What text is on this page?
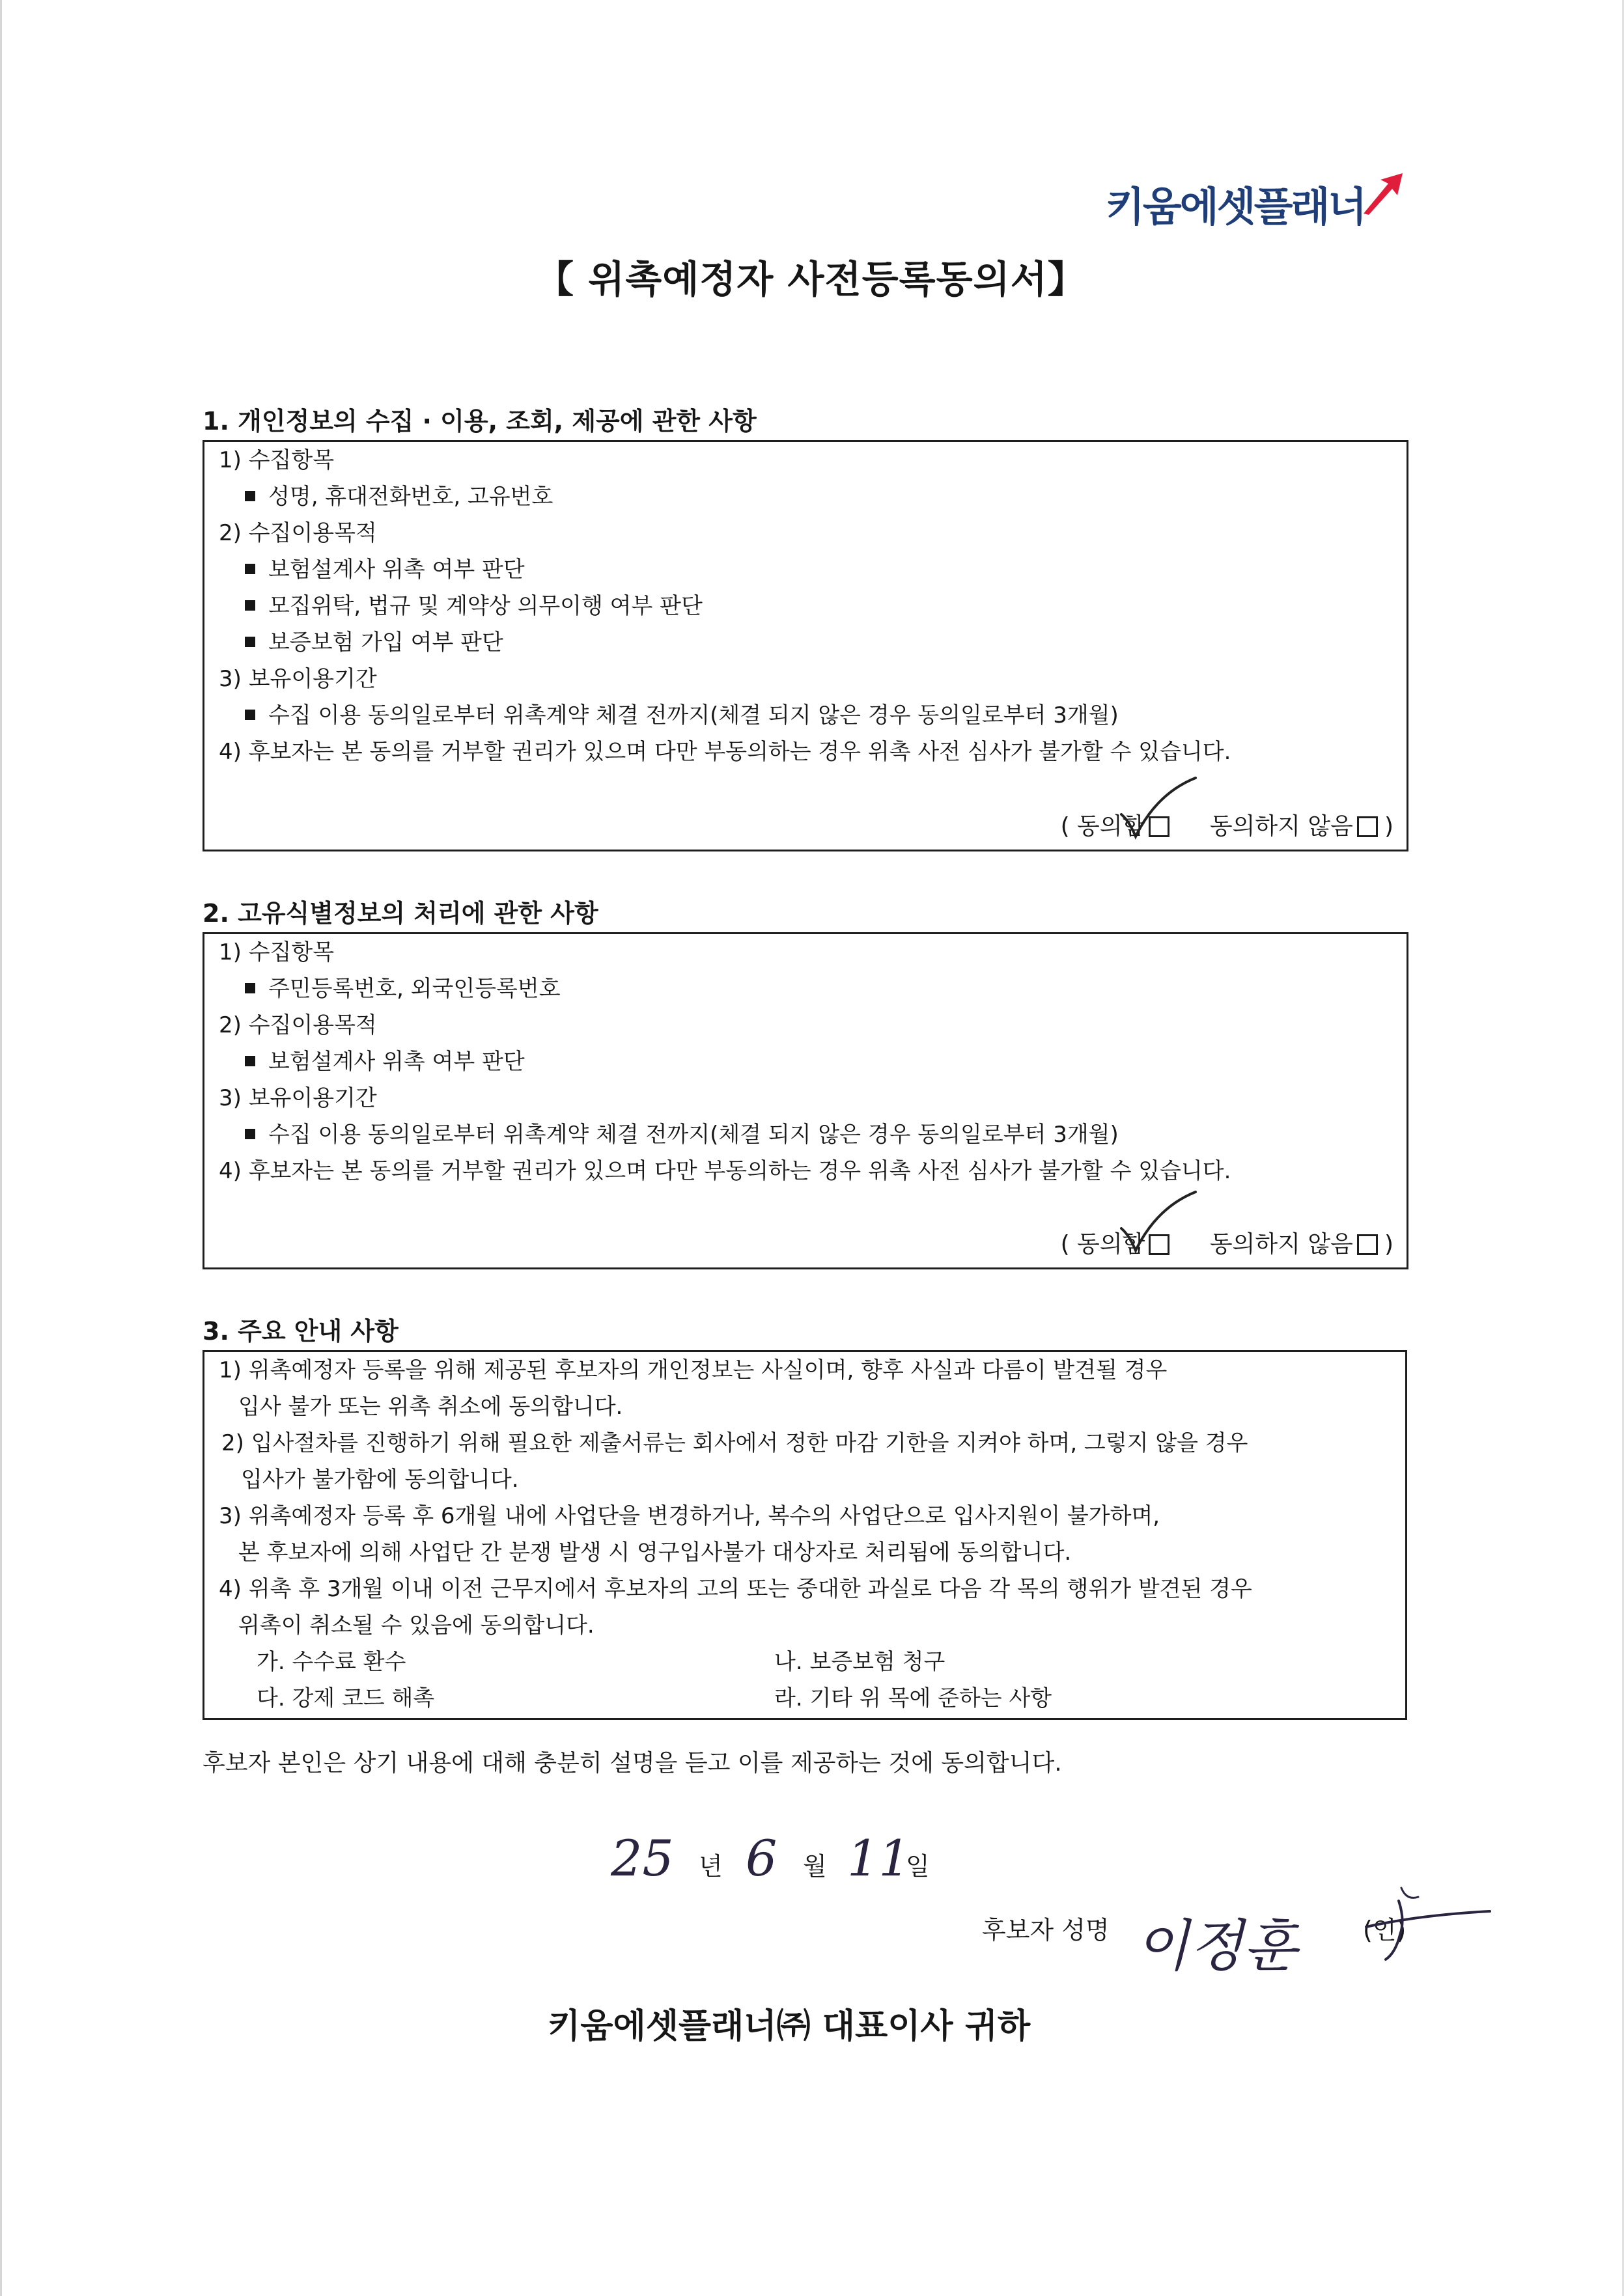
키움에셋플래너
【 위촉예정자 사전등록동의서】
1. 개인정보의 수집 · 이용, 조회, 제공에 관한 사항
1) 수집항목
성명, 휴대전화번호, 고유번호
2) 수집이용목적
보험설계사 위촉 여부 판단
모집위탁, 법규 및 계약상 의무이행 여부 판단
보증보험 가입 여부 판단
3) 보유이용기간
수집 이용 동의일로부터 위촉계약 체결 전까지(체결 되지 않은 경우 동의일로부터 3개월)
4) 후보자는 본 동의를 거부할 권리가 있으며 다만 부동의하는 경우 위촉 사전 심사가 불가할 수 있습니다.
( 동의함	동의하지 않음 )
2. 고유식별정보의 처리에 관한 사항
1) 수집항목
주민등록번호, 외국인등록번호
2) 수집이용목적
보험설계사 위촉 여부 판단
3) 보유이용기간
수집 이용 동의일로부터 위촉계약 체결 전까지(체결 되지 않은 경우 동의일로부터 3개월)
4) 후보자는 본 동의를 거부할 권리가 있으며 다만 부동의하는 경우 위촉 사전 심사가 불가할 수 있습니다.
( 동의함	동의하지 않음 )
3. 주요 안내 사항
1) 위촉예정자 등록을 위해 제공된 후보자의 개인정보는 사실이며, 향후 사실과 다름이 발견될 경우
입사 불가 또는 위촉 취소에 동의합니다.
2) 입사절차를 진행하기 위해 필요한 제출서류는 회사에서 정한 마감 기한을 지켜야 하며, 그렇지 않을 경우
입사가 불가함에 동의합니다.
3) 위촉예정자 등록 후 6개월 내에 사업단을 변경하거나, 복수의 사업단으로 입사지원이 불가하며,
본 후보자에 의해 사업단 간 분쟁 발생 시 영구입사불가 대상자로 처리됨에 동의합니다.
4) 위촉 후 3개월 이내 이전 근무지에서 후보자의 고의 또는 중대한 과실로 다음 각 목의 행위가 발견된 경우
위촉이 취소될 수 있음에 동의합니다.
가. 수수료 환수	나. 보증보험 청구
다. 강제 코드 해촉	라. 기타 위 목에 준하는 사항
후보자 본인은 상기 내용에 대해 충분히 설명을 듣고 이를 제공하는 것에 동의합니다.
25 년 6 월 11
일
후보자 성명 이정훈	(인)
키움에셋플래너㈜ 대표이사 귀하
